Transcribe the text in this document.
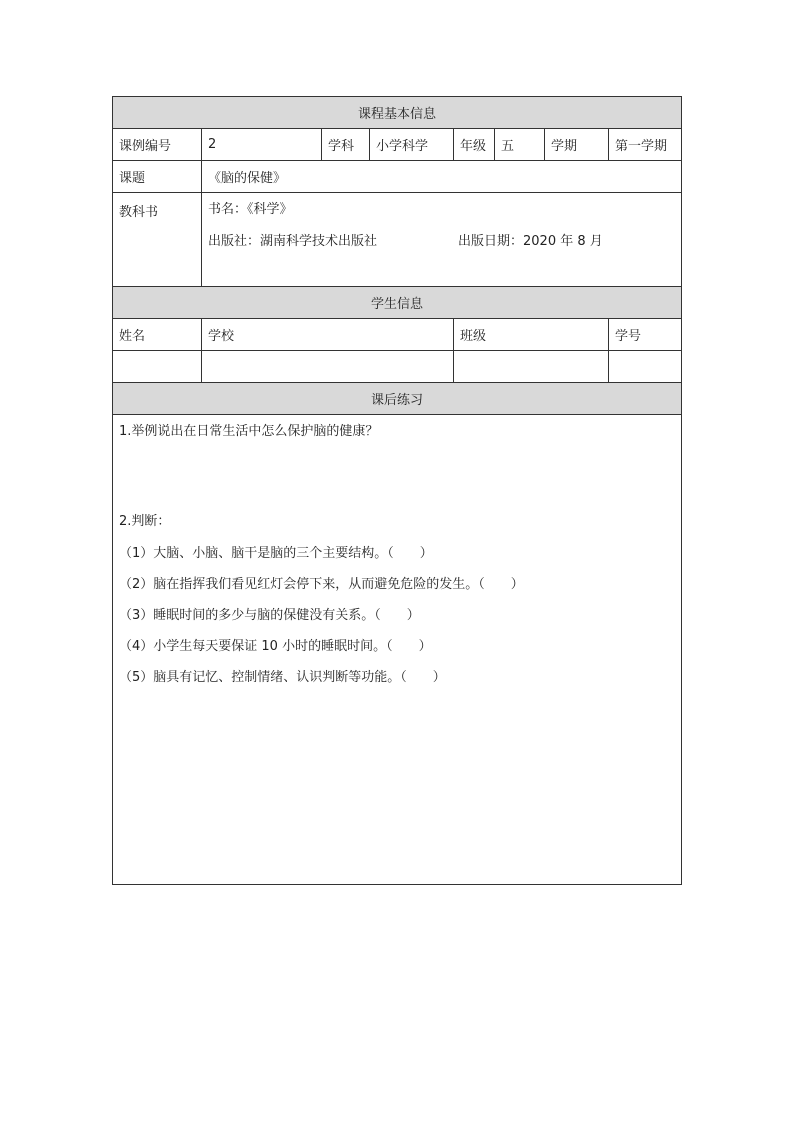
课程基本信息							
课例编号	2	学科	小学科学	年级	五	学期	第一学期
课题	《脑的保健》						
教科书	书名：《科学》
出版社：湖南科学技术出版社 出版日期：2020 年 8 月						

学生信息							
姓名	学校			班级			学号

课后练习							

1.举例说出在日常生活中怎么保护脑的健康？

2.判断：

（1）大脑、小脑、脑干是脑的三个主要结构。（　　）

（2）脑在指挥我们看见红灯会停下来，从而避免危险的发生。（　　）

（3）睡眠时间的多少与脑的保健没有关系。（　　）

（4）小学生每天要保证 10 小时的睡眠时间。（　　）

（5）脑具有记忆、控制情绪、认识判断等功能。（　　）
